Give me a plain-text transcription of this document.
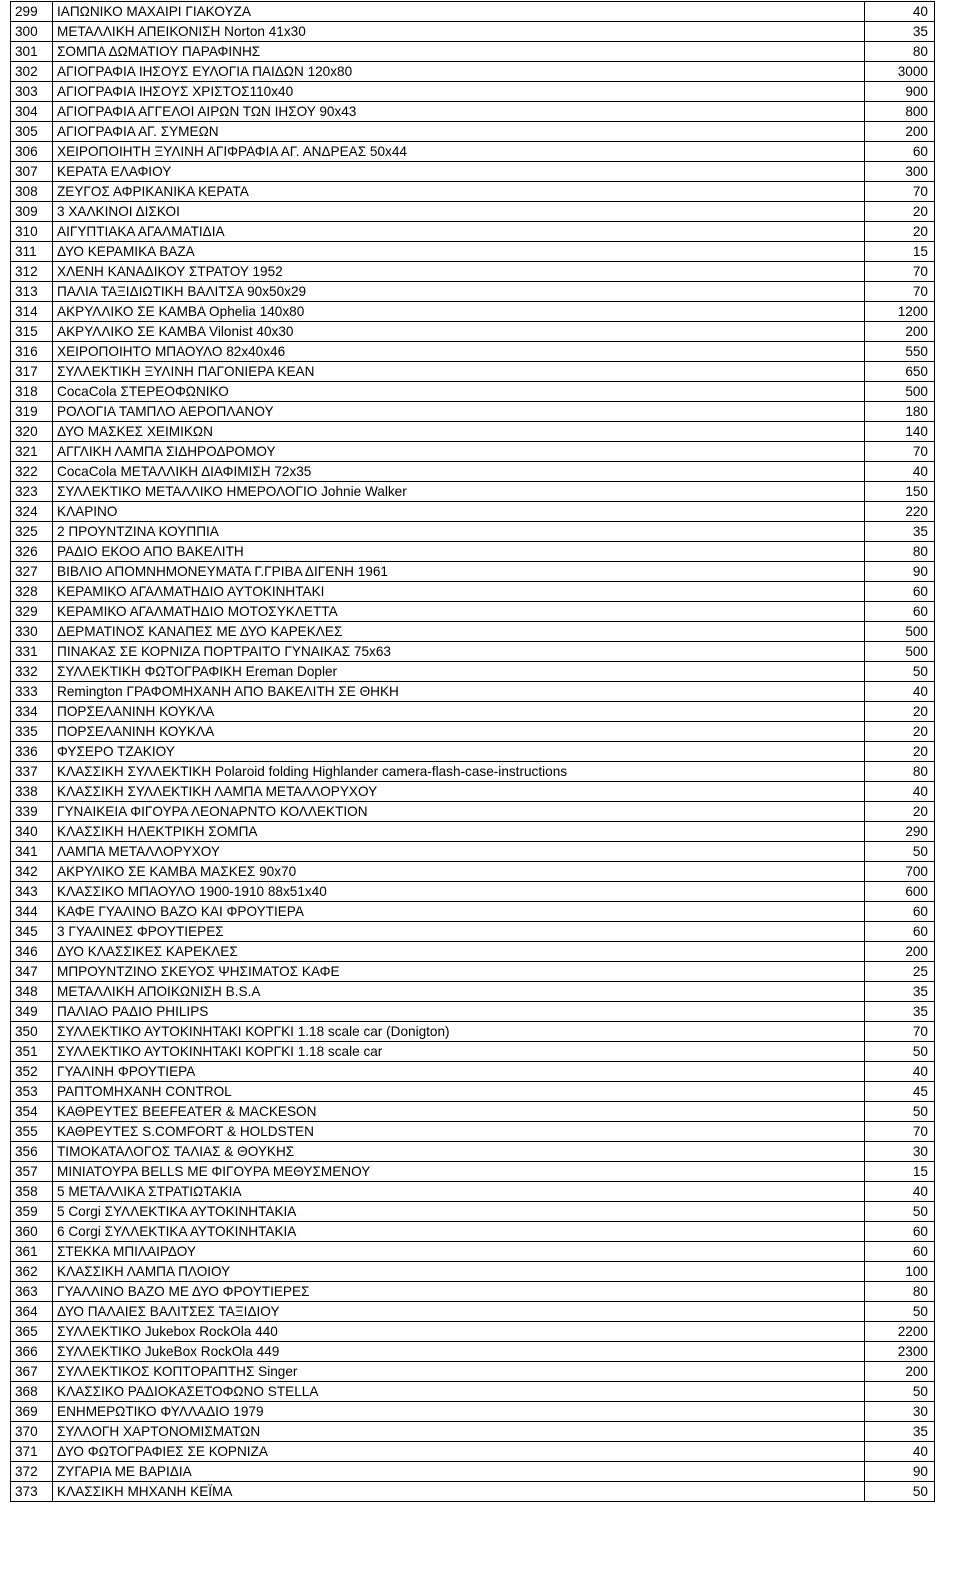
299	ΙΑΠΩΝΙΚΟ ΜΑΧΑΙΡΙ ΓΙΑΚΟΥΖΑ	40
300	ΜΕΤΑΛΛΙΚΗ ΑΠΕΙΚΟΝΙΣΗ Norton 41x30	35
301	ΣΟΜΠΑ ΔΩΜΑΤΙΟΥ ΠΑΡΑΦΙΝΗΣ	80
302	ΑΓΙΟΓΡΑΦΙΑ ΙΗΣΟΥΣ ΕΥΛΟΓΙΑ ΠΑΙΔΩΝ 120x80	3000
303	ΑΓΙΟΓΡΑΦΙΑ ΙΗΣΟΥΣ ΧΡΙΣΤΟΣ110x40	900
304	ΑΓΙΟΓΡΑΦΙΑ ΑΓΓΕΛΟΙ ΑΙΡΩΝ ΤΩΝ ΙΗΣΟΥ 90x43	800
305	ΑΓΙΟΓΡΑΦΙΑ ΑΓ. ΣΥΜΕΩΝ	200
306	ΧΕΙΡΟΠΟΙΗΤΗ ΞΥΛΙΝΗ ΑΓΙΦΡΑΦΙΑ ΑΓ. ΑΝΔΡΕΑΣ 50x44	60
307	ΚΕΡΑΤΑ ΕΛΑΦΙΟΥ	300
308	ΖΕΥΓΟΣ ΑΦΡΙΚΑΝΙΚΑ ΚΕΡΑΤΑ	70
309	3 ΧΑΛΚΙΝΟΙ ΔΙΣΚΟΙ	20
310	ΑΙΓΥΠΤΙΑΚΑ ΑΓΑΛΜΑΤΙΔΙΑ	20
311	ΔΥΟ ΚΕΡΑΜΙΚΑ ΒΑΖΑ	15
312	ΧΛΕΝΗ ΚΑΝΑΔΙΚΟΥ ΣΤΡΑΤΟΥ 1952	70
313	ΠΑΛΙΑ ΤΑΞΙΔΙΩΤΙΚΗ ΒΑΛΙΤΣΑ 90x50x29	70
314	ΑΚΡΥΛΛΙΚΟ ΣΕ ΚΑΜΒΑ Ophelia 140x80	1200
315	ΑΚΡΥΛΛΙΚΟ ΣΕ ΚΑΜΒΑ Vilonist 40x30	200
316	ΧΕΙΡΟΠΟΙΗΤΟ ΜΠΑΟΥΛΟ 82x40x46	550
317	ΣΥΛΛΕΚΤΙΚΗ ΞΥΛΙΝΗ ΠΑΓΟΝΙΕΡΑ ΚΕΑΝ	650
318	CocaCola ΣΤΕΡΕΟΦΩΝΙΚΟ	500
319	ΡΟΛΟΓΙΑ ΤΑΜΠΛΟ ΑΕΡΟΠΛΑΝΟΥ	180
320	ΔΥΟ ΜΑΣΚΕΣ ΧΕΙΜΙΚΩΝ	140
321	ΑΓΓΛΙΚΗ ΛΑΜΠΑ ΣΙΔΗΡΟΔΡΟΜΟΥ	70
322	CocaCola ΜΕΤΑΛΛΙΚΗ ΔΙΑΦΙΜΙΣΗ 72x35	40
323	ΣΥΛΛΕΚΤΙΚΟ ΜΕΤΑΛΛΙΚΟ ΗΜΕΡΟΛΟΓΙΟ Johnie Walker	150
324	ΚΛΑΡΙΝΟ	220
325	2 ΠΡΟΥΝΤΖΙΝΑ ΚΟΥΠΠΙΑ	35
326	ΡΑΔΙΟ ΕΚΟΟ ΑΠΟ ΒΑΚΕΛΙΤΗ	80
327	ΒΙΒΛΙΟ ΑΠΟΜΝΗΜΟΝΕΥΜΑΤΑ Γ.ΓΡΙΒΑ ΔΙΓΕΝΗ 1961	90
328	ΚΕΡΑΜΙΚΟ ΑΓΑΛΜΑΤΗΔΙΟ ΑΥΤΟΚΙΝΗΤΑΚΙ	60
329	ΚΕΡΑΜΙΚΟ ΑΓΑΛΜΑΤΗΔΙΟ ΜΟΤΟΣΥΚΛΕΤΤΑ	60
330	ΔΕΡΜΑΤΙΝΟΣ ΚΑΝΑΠΕΣ ΜΕ ΔΥΟ ΚΑΡΕΚΛΕΣ	500
331	ΠΙΝΑΚΑΣ ΣΕ ΚΟΡΝΙΖΑ ΠΟΡΤΡΑΙΤΟ ΓΥΝΑΙΚΑΣ 75x63	500
332	ΣΥΛΛΕΚΤΙΚΗ ΦΩΤΟΓΡΑΦΙΚΗ Ereman Dopler	50
333	Remington ΓΡΑΦΟΜΗΧΑΝΗ ΑΠΟ ΒΑΚΕΛΙΤΗ ΣΕ ΘΗΚΗ	40
334	ΠΟΡΣΕΛΑΝΙΝΗ ΚΟΥΚΛΑ	20
335	ΠΟΡΣΕΛΑΝΙΝΗ ΚΟΥΚΛΑ	20
336	ΦΥΣΕΡΟ ΤΖΑΚΙΟΥ	20
337	ΚΛΑΣΣΙΚΗ ΣΥΛΛΕΚΤΙΚΗ Polaroid folding Highlander camera-flash-case-instructions	80
338	ΚΛΑΣΣΙΚΗ ΣΥΛΛΕΚΤΙΚΗ ΛΑΜΠΑ ΜΕΤΑΛΛΟΡΥΧΟΥ	40
339	ΓΥΝΑΙΚΕΙΑ ΦΙΓΟΥΡΑ ΛΕΟΝΑΡΝΤΟ ΚΟΛΛΕΚΤΙΟΝ	20
340	ΚΛΑΣΣΙΚΗ ΗΛΕΚΤΡΙΚΗ ΣΟΜΠΑ	290
341	ΛΑΜΠΑ ΜΕΤΑΛΛΟΡΥΧΟΥ	50
342	ΑΚΡΥΛΙΚΟ ΣΕ ΚΑΜΒΑ ΜΑΣΚΕΣ 90x70	700
343	ΚΛΑΣΣΙΚΟ ΜΠΑΟΥΛΟ 1900-1910 88x51x40	600
344	ΚΑΦΕ ΓΥΑΛΙΝΟ ΒΑΖΟ ΚΑΙ ΦΡΟΥΤΙΕΡΑ	60
345	3 ΓΥΑΛΙΝΕΣ ΦΡΟΥΤΙΕΡΕΣ	60
346	ΔΥΟ ΚΛΑΣΣΙΚΕΣ ΚΑΡΕΚΛΕΣ	200
347	ΜΠΡΟΥΝΤΖΙΝΟ ΣΚΕΥΟΣ ΨΗΣΙΜΑΤΟΣ ΚΑΦΕ	25
348	ΜΕΤΑΛΛΙΚΗ ΑΠΟΙΚΩΝΙΣΗ B.S.A	35
349	ΠΑΛΙΑΟ ΡΑΔΙΟ PHILIPS	35
350	ΣΥΛΛΕΚΤΙΚΟ ΑΥΤΟΚΙΝΗΤΑΚΙ ΚΟΡΓΚΙ 1.18 scale car (Donigton)	70
351	ΣΥΛΛΕΚΤΙΚΟ ΑΥΤΟΚΙΝΗΤΑΚΙ ΚΟΡΓΚΙ 1.18 scale car	50
352	ΓΥΑΛΙΝΗ ΦΡΟΥΤΙΕΡΑ	40
353	ΡΑΠΤΟΜΗΧΑΝΗ CONTROL	45
354	ΚΑΘΡΕΥΤΕΣ BEEFEATER & MACKESON	50
355	ΚΑΘΡΕΥΤΕΣ S.COMFORT & HOLDSTEN	70
356	ΤΙΜΟΚΑΤΑΛΟΓΟΣ ΤΑΛΙΑΣ & ΘΟΥΚΗΣ	30
357	ΜΙΝΙΑΤΟΥΡΑ BELLS ΜΕ ΦΙΓΟΥΡΑ ΜΕΘΥΣΜΕΝΟΥ	15
358	5 ΜΕΤΑΛΛΙΚΑ ΣΤΡΑΤΙΩΤΑΚΙΑ	40
359	5 Corgi ΣΥΛΛΕΚΤΙΚΑ ΑΥΤΟΚΙΝΗΤΑΚΙΑ	50
360	6 Corgi ΣΥΛΛΕΚΤΙΚΑ ΑΥΤΟΚΙΝΗΤΑΚΙΑ	60
361	ΣΤΕΚΚΑ ΜΠΙΛΑΙΡΔΟΥ	60
362	ΚΛΑΣΣΙΚΗ ΛΑΜΠΑ ΠΛΟΙΟΥ	100
363	ΓΥΑΛΛΙΝΟ ΒΑΖΟ ΜΕ ΔΥΟ ΦΡΟΥΤΙΕΡΕΣ	80
364	ΔΥΟ ΠΑΛΑΙΕΣ ΒΑΛΙΤΣΕΣ ΤΑΞΙΔΙΟΥ	50
365	ΣΥΛΛΕΚΤΙΚΟ Jukebox RockOla 440	2200
366	ΣΥΛΛΕΚΤΙΚΟ JukeBox RockOla 449	2300
367	ΣΥΛΛΕΚΤΙΚΟΣ ΚΟΠΤΟΡΑΠΤΗΣ Singer	200
368	ΚΛΑΣΣΙΚΟ ΡΑΔΙΟΚΑΣΕΤΟΦΩΝΟ STELLA	50
369	ΕΝΗΜΕΡΩΤΙΚΟ ΦΥΛΛΑΔΙΟ 1979	30
370	ΣΥΛΛΟΓΗ ΧΑΡΤΟΝΟΜΙΣΜΑΤΩΝ	35
371	ΔΥΟ ΦΩΤΟΓΡΑΦΙΕΣ ΣΕ ΚΟΡΝΙΖΑ	40
372	ΖΥΓΑΡΙΑ ΜΕ ΒΑΡΙΔΙΑ	90
373	ΚΛΑΣΣΙΚΗ ΜΗΧΑΝΗ ΚΕΪΜΑ	50
